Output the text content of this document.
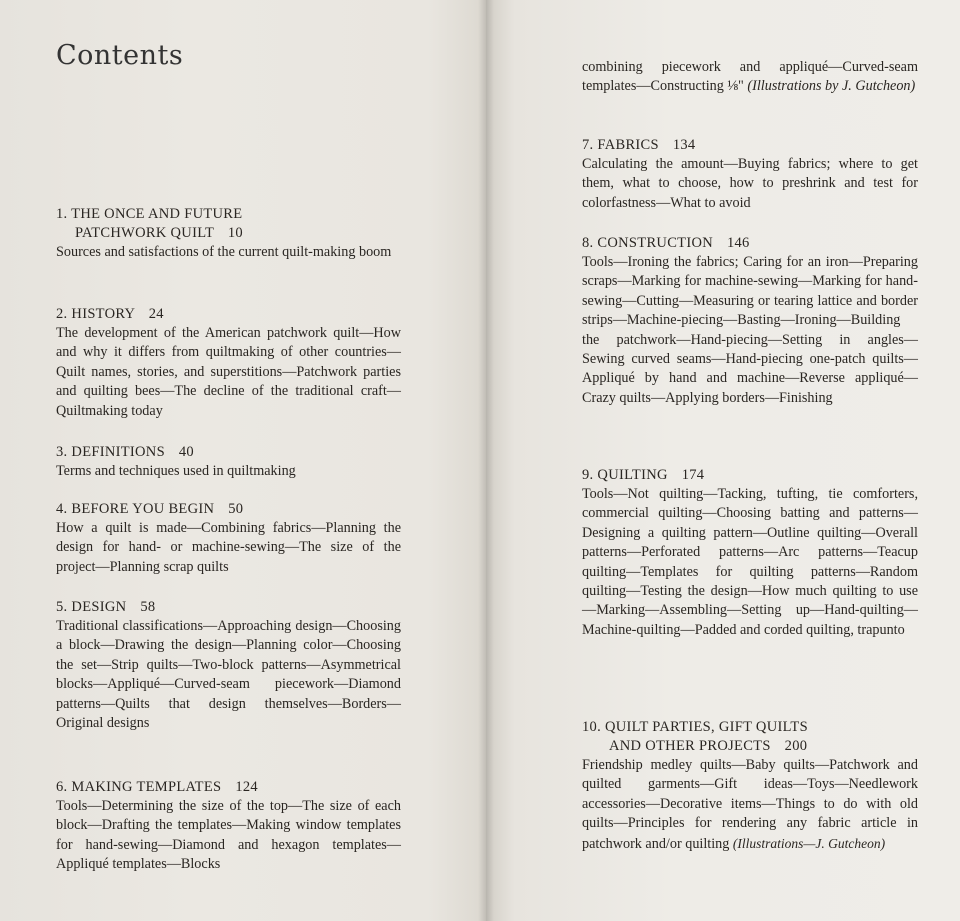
Contents
1. THE ONCE AND FUTURE
PATCHWORK QUILT 10
Sources and satisfactions of the current quilt-making boom
2. HISTORY 24
The development of the American patchwork quilt—How and why it differs from quiltmaking of other countries—Quilt names, stories, and superstitions—Patchwork parties and quilting bees—The decline of the traditional craft—Quiltmaking today
3. DEFINITIONS 40
Terms and techniques used in quiltmaking
4. BEFORE YOU BEGIN 50
How a quilt is made—Combining fabrics—Planning the design for hand- or machine-sewing—The size of the project—Planning scrap quilts
5. DESIGN 58
Traditional classifications—Approaching design—Choosing a block—Drawing the design—Planning color—Choosing the set—Strip quilts—Two-block patterns—Asymmetrical blocks—Appliqué—Curved-seam piecework—Diamond patterns—Quilts that design themselves—Borders—Original designs
6. MAKING TEMPLATES 124
Tools—Determining the size of the top—The size of each block—Drafting the templates—Making window templates for hand-sewing—Diamond and hexagon templates—Appliqué templates—Blocks
combining piecework and appliqué—Curved-seam templates—Constructing ⅛" (Illustrations by J. Gutcheon)
7. FABRICS 134
Calculating the amount—Buying fabrics; where to get them, what to choose, how to preshrink and test for colorfastness—What to avoid
8. CONSTRUCTION 146
Tools—Ironing the fabrics; Caring for an iron—Preparing scraps—Marking for machine-sewing—Marking for hand-sewing—Cutting—Measuring or tearing lattice and border strips—Machine-piecing—Basting—Ironing—Building the patchwork—Hand-piecing—Setting in angles—Sewing curved seams—Hand-piecing one-patch quilts—Appliqué by hand and machine—Reverse appliqué—Crazy quilts—Applying borders—Finishing
9. QUILTING 174
Tools—Not quilting—Tacking, tufting, tie comforters, commercial quilting—Choosing batting and patterns—Designing a quilting pattern—Outline quilting—Overall patterns—Perforated patterns—Arc patterns—Teacup quilting—Templates for quilting patterns—Random quilting—Testing the design—How much quilting to use—Marking—Assembling—Setting up—Hand-quilting—Machine-quilting—Padded and corded quilting, trapunto
10. QUILT PARTIES, GIFT QUILTS
AND OTHER PROJECTS 200
Friendship medley quilts—Baby quilts—Patchwork and quilted garments—Gift ideas—Toys—Needlework accessories—Decorative items—Things to do with old quilts—Principles for rendering any fabric article in patchwork and/or quilting (Illustrations—J. Gutcheon)
